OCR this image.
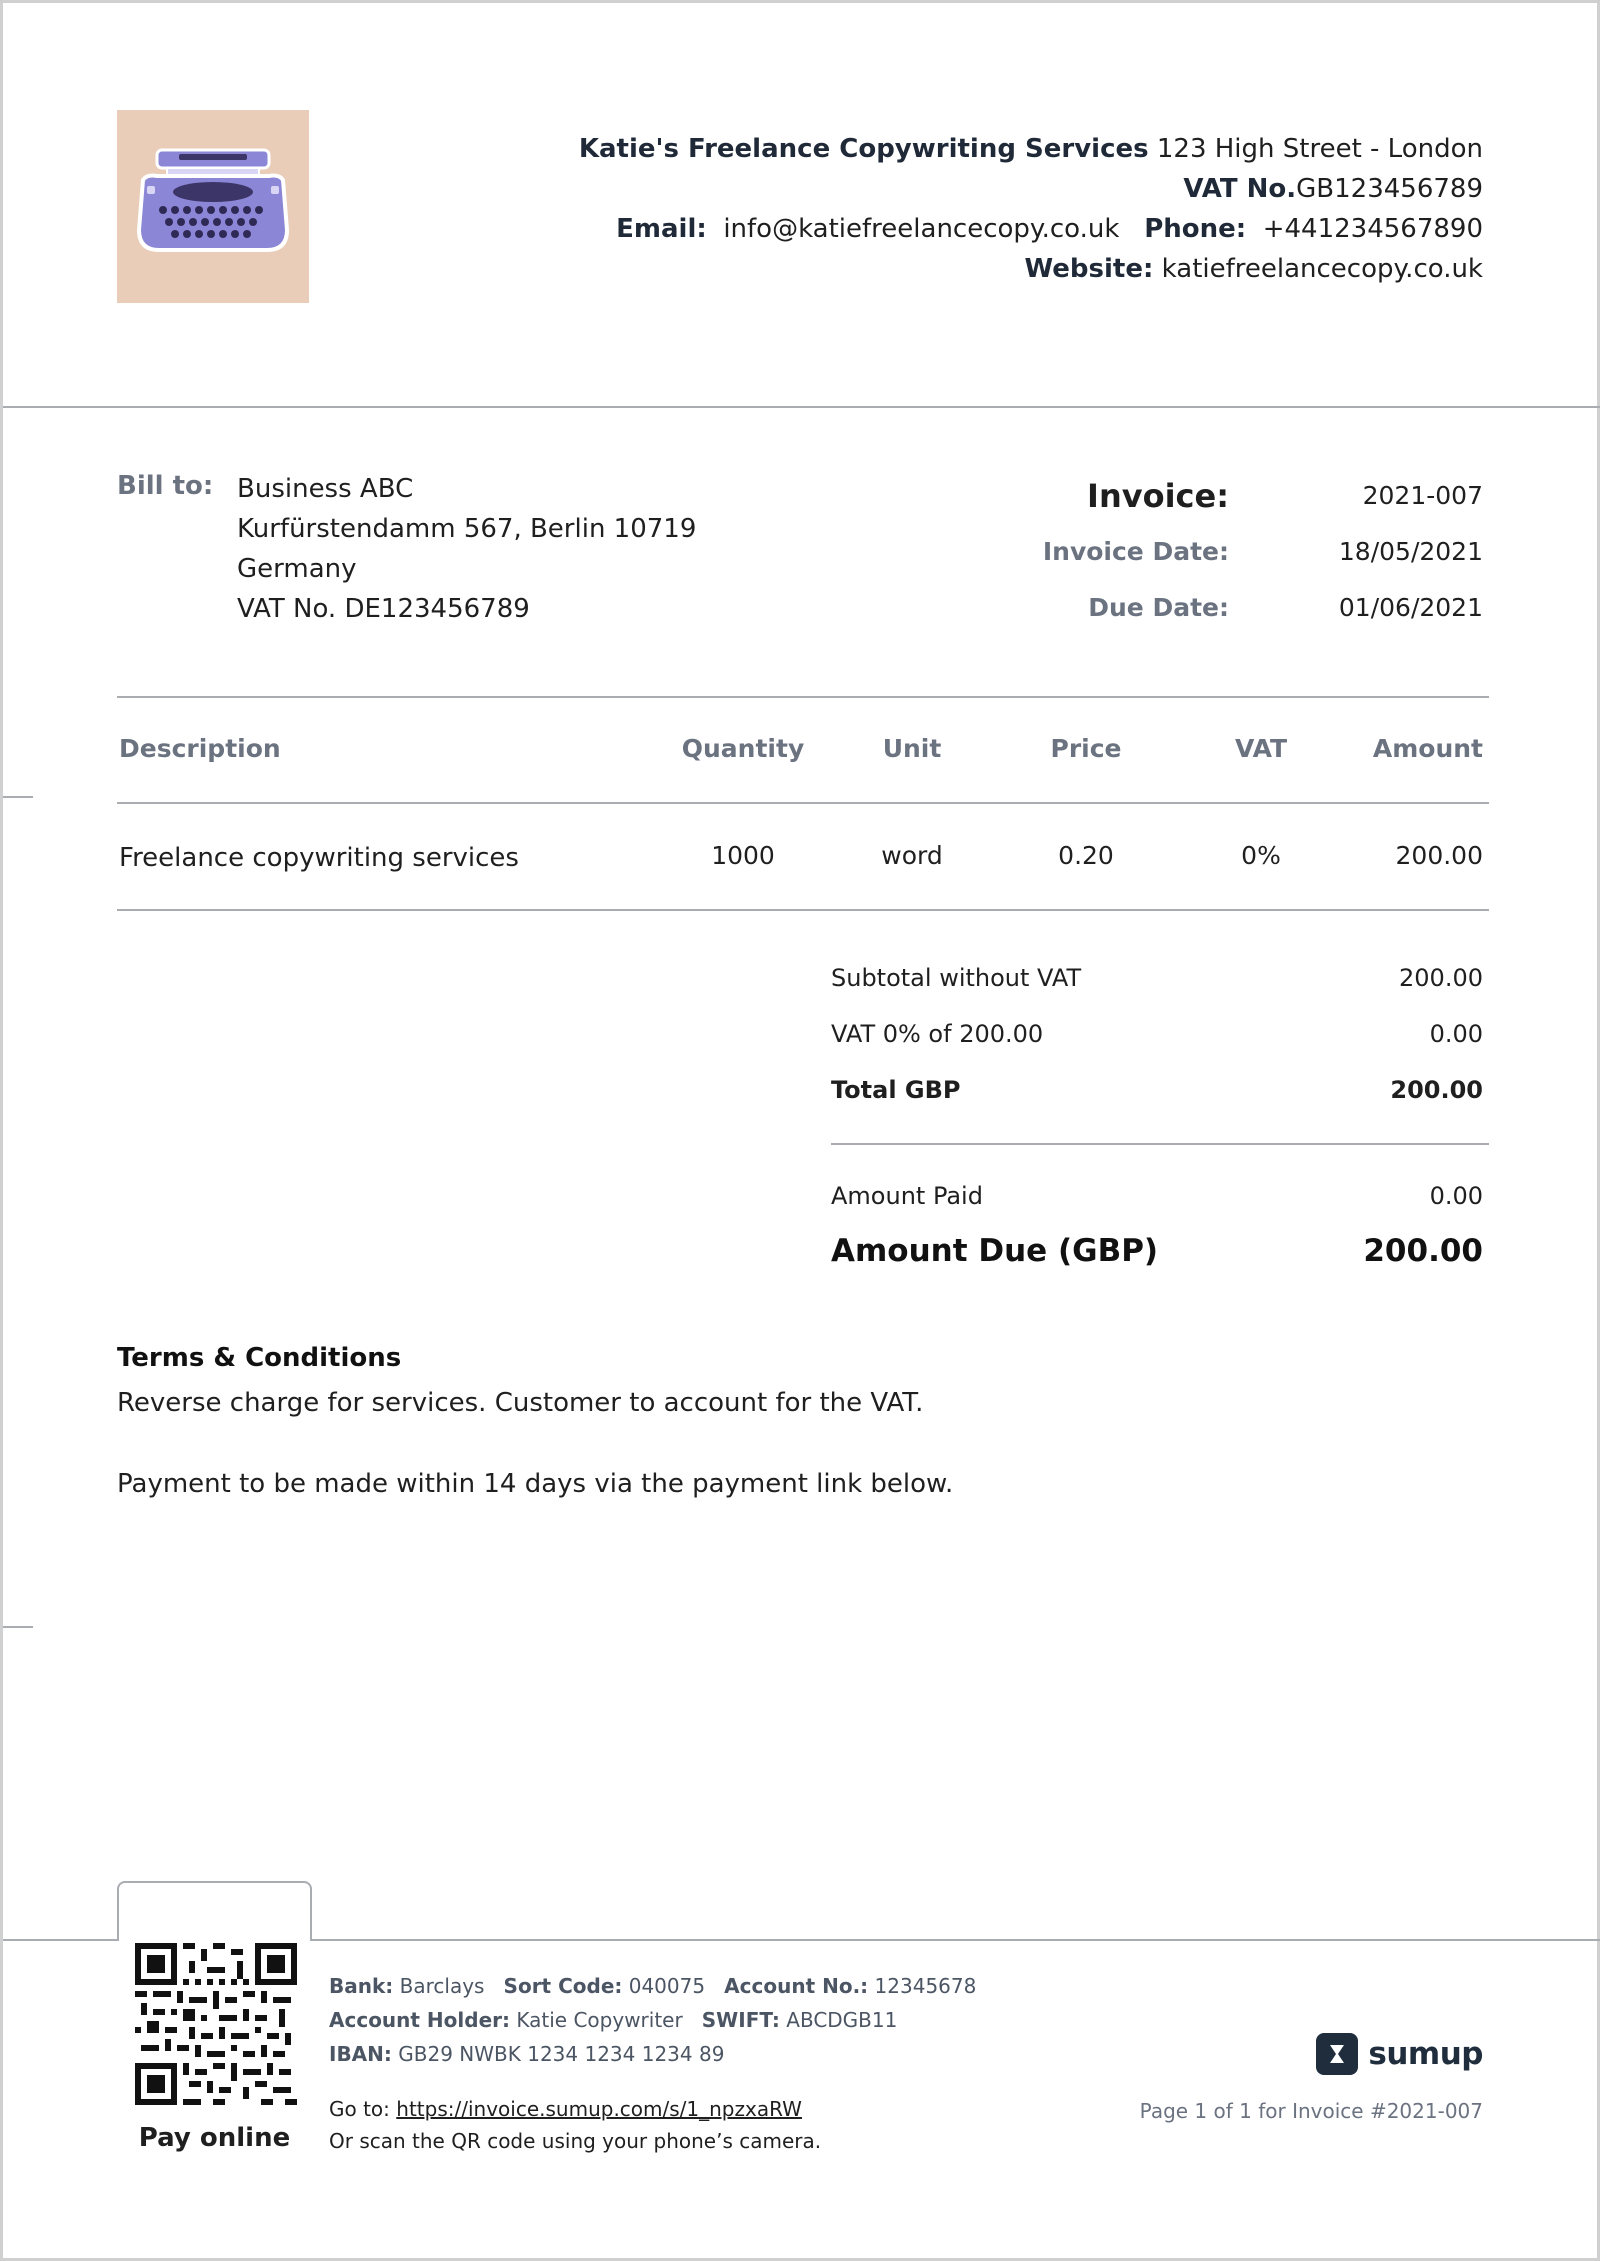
Katie's Freelance Copywriting Services 123 High Street - London
VAT No.GB123456789
Email: info@katiefreelancecopy.co.uk Phone: +441234567890
Website: katiefreelancecopy.co.uk
Bill to: Business ABC
Kurfürstendamm 567, Berlin 10719
Germany
VAT No. DE123456789
Invoice:	2021-007
Invoice Date:	18/05/2021
Due Date:	01/06/2021
Description	Quantity	Unit	Price	VAT	Amount
Freelance copywriting services	1000	word	0.20	0%	200.00
Subtotal without VAT	200.00
VAT 0% of 200.00	0.00
Total GBP	200.00
Amount Paid	0.00
Amount Due (GBP)	200.00
Terms & Conditions
Reverse charge for services. Customer to account for the VAT.
Payment to be made within 14 days via the payment link below.
Pay online
Bank: Barclays Sort Code: 040075 Account No.: 12345678
Account Holder: Katie Copywriter SWIFT: ABCDGB11
IBAN: GB29 NWBK 1234 1234 1234 89
Go to: https://invoice.sumup.com/s/1_npzxaRW
Or scan the QR code using your phone’s camera.
sumup
Page 1 of 1 for Invoice #2021-007
